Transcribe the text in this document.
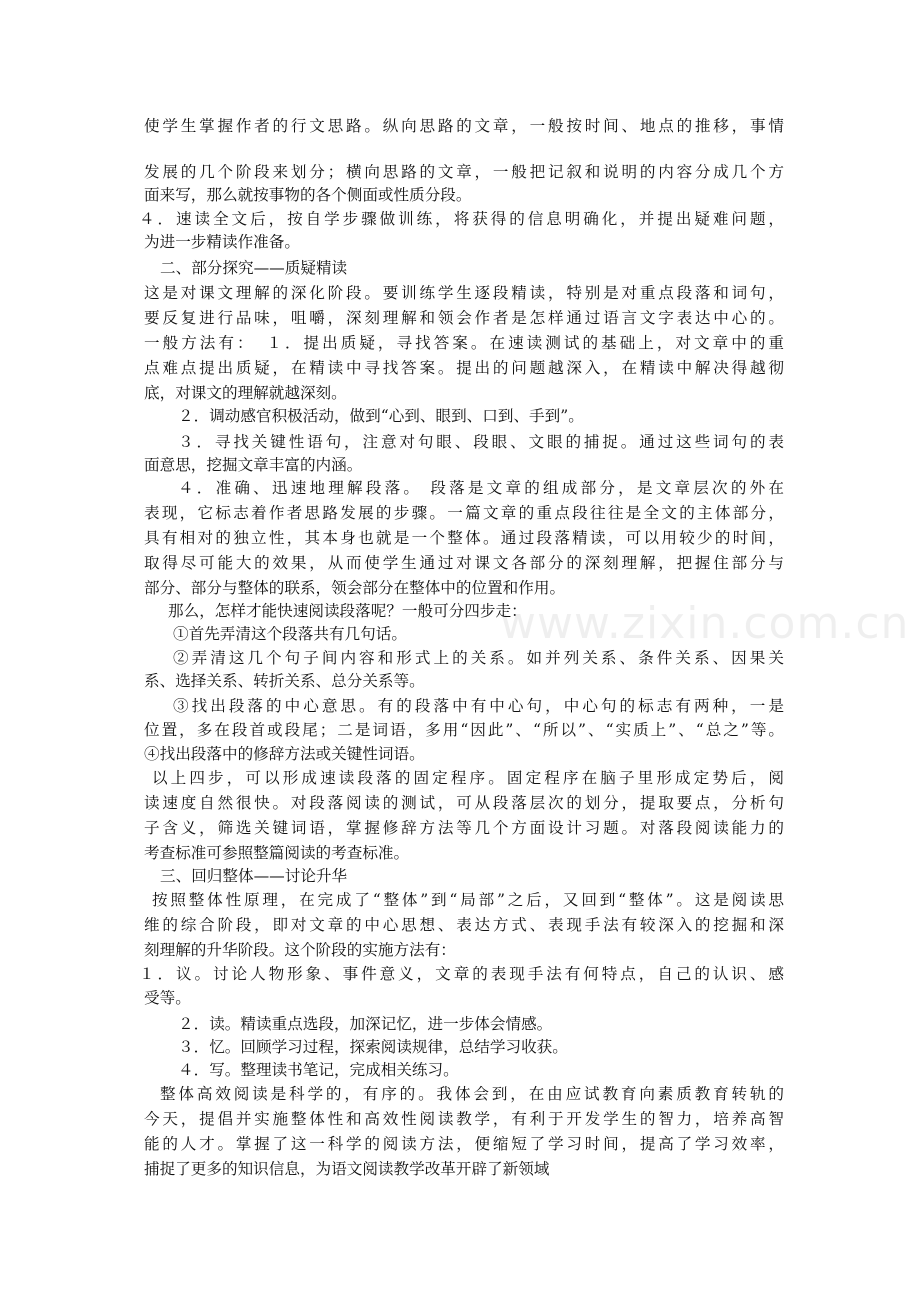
www.zixin.com.cn
使学生掌握作者的行文思路。纵向思路的文章，一般按时间、地点的推移，事情
发展的几个阶段来划分；横向思路的文章，一般把记叙和说明的内容分成几个方
面来写，那么就按事物的各个侧面或性质分段。
４．速读全文后，按自学步骤做训练，将获得的信息明确化，并提出疑难问题，
为进一步精读作准备。
二、部分探究——质疑精读
这是对课文理解的深化阶段。要训练学生逐段精读，特别是对重点段落和词句，
要反复进行品味，咀嚼，深刻理解和领会作者是怎样通过语言文字表达中心的。
一般方法有：　１．提出质疑，寻找答案。在速读测试的基础上，对文章中的重
点难点提出质疑，在精读中寻找答案。提出的问题越深入，在精读中解决得越彻
底，对课文的理解就越深刻。
２．调动感官积极活动，做到“心到、眼到、口到、手到”。
３．寻找关键性语句，注意对句眼、段眼、文眼的捕捉。通过这些词句的表
面意思，挖掘文章丰富的内涵。
４．准确、迅速地理解段落。 段落是文章的组成部分，是文章层次的外在
表现，它标志着作者思路发展的步骤。一篇文章的重点段往往是全文的主体部分，
具有相对的独立性，其本身也就是一个整体。通过段落精读，可以用较少的时间，
取得尽可能大的效果，从而使学生通过对课文各部分的深刻理解，把握住部分与
部分、部分与整体的联系，领会部分在整体中的位置和作用。
那么，怎样才能快速阅读段落呢？一般可分四步走：
①首先弄清这个段落共有几句话。
②弄清这几个句子间内容和形式上的关系。如并列关系、条件关系、因果关
系、选择关系、转折关系、总分关系等。
③找出段落的中心意思。有的段落中有中心句，中心句的标志有两种，一是
位置，多在段首或段尾；二是词语，多用“因此”、“所以”、“实质上”、“总之”等。
④找出段落中的修辞方法或关键性词语。
以上四步，可以形成速读段落的固定程序。固定程序在脑子里形成定势后，阅
读速度自然很快。对段落阅读的测试，可从段落层次的划分，提取要点，分析句
子含义，筛选关键词语，掌握修辞方法等几个方面设计习题。对落段阅读能力的
考查标准可参照整篇阅读的考查标准。
三、回归整体——讨论升华
按照整体性原理，在完成了“整体”到“局部”之后，又回到“整体”。这是阅读思
维的综合阶段，即对文章的中心思想、表达方式、表现手法有较深入的挖掘和深
刻理解的升华阶段。这个阶段的实施方法有：
１．议。讨论人物形象、事件意义，文章的表现手法有何特点，自己的认识、感
受等。
２．读。精读重点选段，加深记忆，进一步体会情感。
３．忆。回顾学习过程，探索阅读规律，总结学习收获。
４．写。整理读书笔记，完成相关练习。
整体高效阅读是科学的，有序的。我体会到，在由应试教育向素质教育转轨的
今天，提倡并实施整体性和高效性阅读教学，有利于开发学生的智力，培养高智
能的人才。掌握了这一科学的阅读方法，便缩短了学习时间，提高了学习效率，
捕捉了更多的知识信息，为语文阅读教学改革开辟了新领域
